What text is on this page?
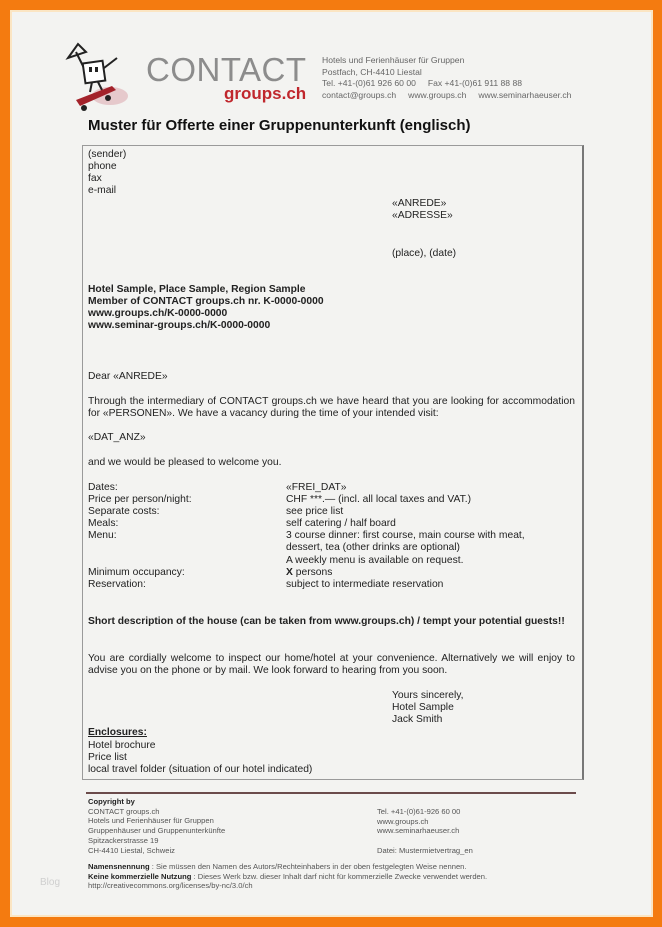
CONTACT
groups.ch
Hotels und Ferienhäuser für Gruppen
Postfach, CH-4410 Liestal
Tel. +41-(0)61 926 60 00     Fax +41-(0)61 911 88 88
contact@groups.ch     www.groups.ch     www.seminarhaeuser.ch
Muster für Offerte einer Gruppenunterkunft (englisch)
(sender)
phone
fax
e-mail
«ANREDE»
«ADRESSE»
(place), (date)
Hotel Sample, Place Sample, Region Sample
Member of CONTACT groups.ch nr. K-0000-0000
www.groups.ch/K-0000-0000
www.seminar-groups.ch/K-0000-0000
Dear «ANREDE»
Through the intermediary of CONTACT groups.ch we have heard that you are looking for accommodation for «PERSONEN». We have a vacancy during the time of your intended visit:
«DAT_ANZ»
and we would be pleased to welcome you.
Dates:	«FREI_DAT»
Price per person/night:	CHF ***.— (incl. all local taxes and VAT.)
Separate costs:	see price list
Meals:	self catering / half board
Menu:	3 course dinner: first course, main course with meat,
dessert, tea (other drinks are optional)
A weekly menu is available on request.
Minimum occupancy:	X persons
Reservation:	subject to intermediate reservation
Short description of the house (can be taken from www.groups.ch) / tempt your potential guests!!
You are cordially welcome to inspect our home/hotel at your convenience. Alternatively we will enjoy to advise you on the phone or by mail. We look forward to hearing from you soon.
Yours sincerely,
Hotel Sample
Jack Smith
Enclosures:
Hotel brochure
Price list
local travel folder (situation of our hotel indicated)
Copyright by
CONTACT groups.ch
Hotels und Ferienhäuser für Gruppen
Gruppenhäuser und Gruppenunterkünfte
Spitzackerstrasse 19
CH-4410 Liestal, Schweiz
Tel. +41-(0)61-926 60 00
www.groups.ch
www.seminarhaeuser.ch
Datei: Mustermietvertrag_en
Namensnennung : Sie müssen den Namen des Autors/Rechteinhabers in der oben festgelegten Weise nennen.
Keine kommerzielle Nutzung : Dieses Werk bzw. dieser Inhalt darf nicht für kommerzielle Zwecke verwendet werden.
http://creativecommons.org/licenses/by-nc/3.0/ch
Blog
